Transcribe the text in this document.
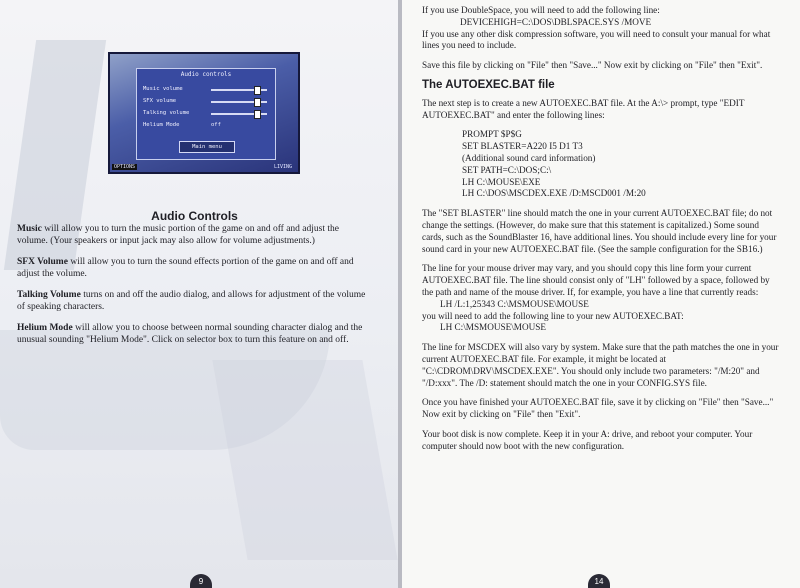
Audio controls
Music volume
SFX volume
Talking volume
Helium Mode	off
Main menu
OPTIONS	LIVING
Audio Controls

Music will allow you to turn the music portion of the game on and off and adjust the volume. (Your speakers or input jack may also allow for volume adjustments.)

SFX Volume will allow you to turn the sound effects portion of the game on and off and adjust the volume.

Talking Volume turns on and off the audio dialog, and allows for adjustment of the volume of speaking characters.

Helium Mode will allow you to choose between normal sounding character dialog and the unusual sounding "Helium Mode". Click on selector box to turn this feature on and off.

9

If you use DoubleSpace, you will need to add the following line:
DEVICEHIGH=C:\DOS\DBLSPACE.SYS /MOVE
If you use any other disk compression software, you will need to consult your manual for what lines you need to include.

Save this file by clicking on "File" then "Save..." Now exit by clicking on "File" then "Exit".

The AUTOEXEC.BAT file

The next step is to create a new AUTOEXEC.BAT file. At the A:\> prompt, type "EDIT AUTOEXEC.BAT" and enter the following lines:

PROMPT $P$G
SET BLASTER=A220 I5 D1 T3
(Additional sound card information)
SET PATH=C:\DOS;C:\
LH C:\MOUSE\EXE
LH C:\DOS\MSCDEX.EXE /D:MSCD001 /M:20

The "SET BLASTER" line should match the one in your current AUTOEXEC.BAT file; do not change the settings. (However, do make sure that this statement is capitalized.) Some sound cards, such as the SoundBlaster 16, have additional lines. You should include every line for your sound card in your new AUTOEXEC.BAT file. (See the sample configuration for the SB16.)

The line for your mouse driver may vary, and you should copy this line form your current AUTOEXEC.BAT file. The line should consist only of "LH" followed by a space, followed by the path and name of the mouse driver. If, for example, you have a line that currently reads:
LH /L:1,25343 C:\MSMOUSE\MOUSE
you will need to add the following line to your new AUTOEXEC.BAT:
LH C:\MSMOUSE\MOUSE

The line for MSCDEX will also vary by system. Make sure that the path matches the one in your current AUTOEXEC.BAT file. For example, it might be located at "C:\CDROM\DRV\MSCDEX.EXE". You should only include two parameters: "/M:20" and "/D:xxx". The /D: statement should match the one in your CONFIG.SYS file.

Once you have finished your AUTOEXEC.BAT file, save it by clicking on "File" then "Save..." Now exit by clicking on "File" then "Exit".

Your boot disk is now complete. Keep it in your A: drive, and reboot your computer. Your computer should now boot with the new configuration.

14
